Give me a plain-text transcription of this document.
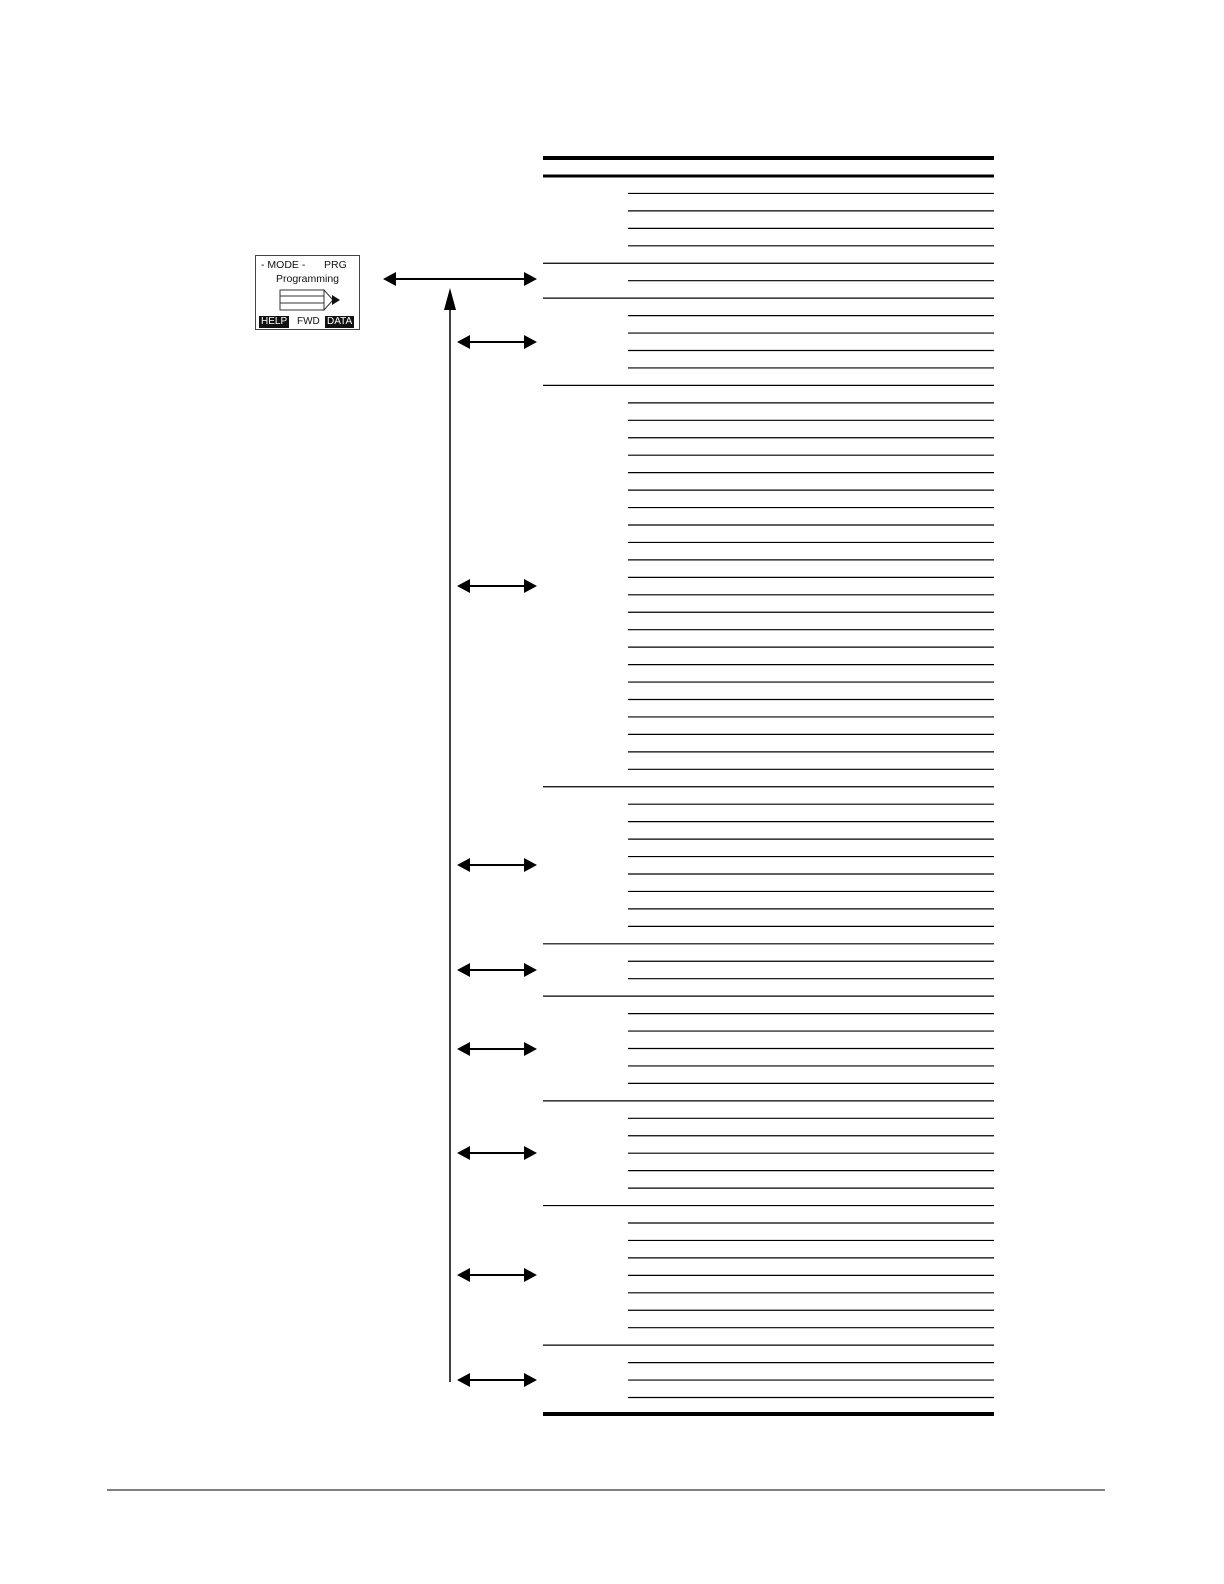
- MODE - PRG
Programming
HELP FWD DATA
